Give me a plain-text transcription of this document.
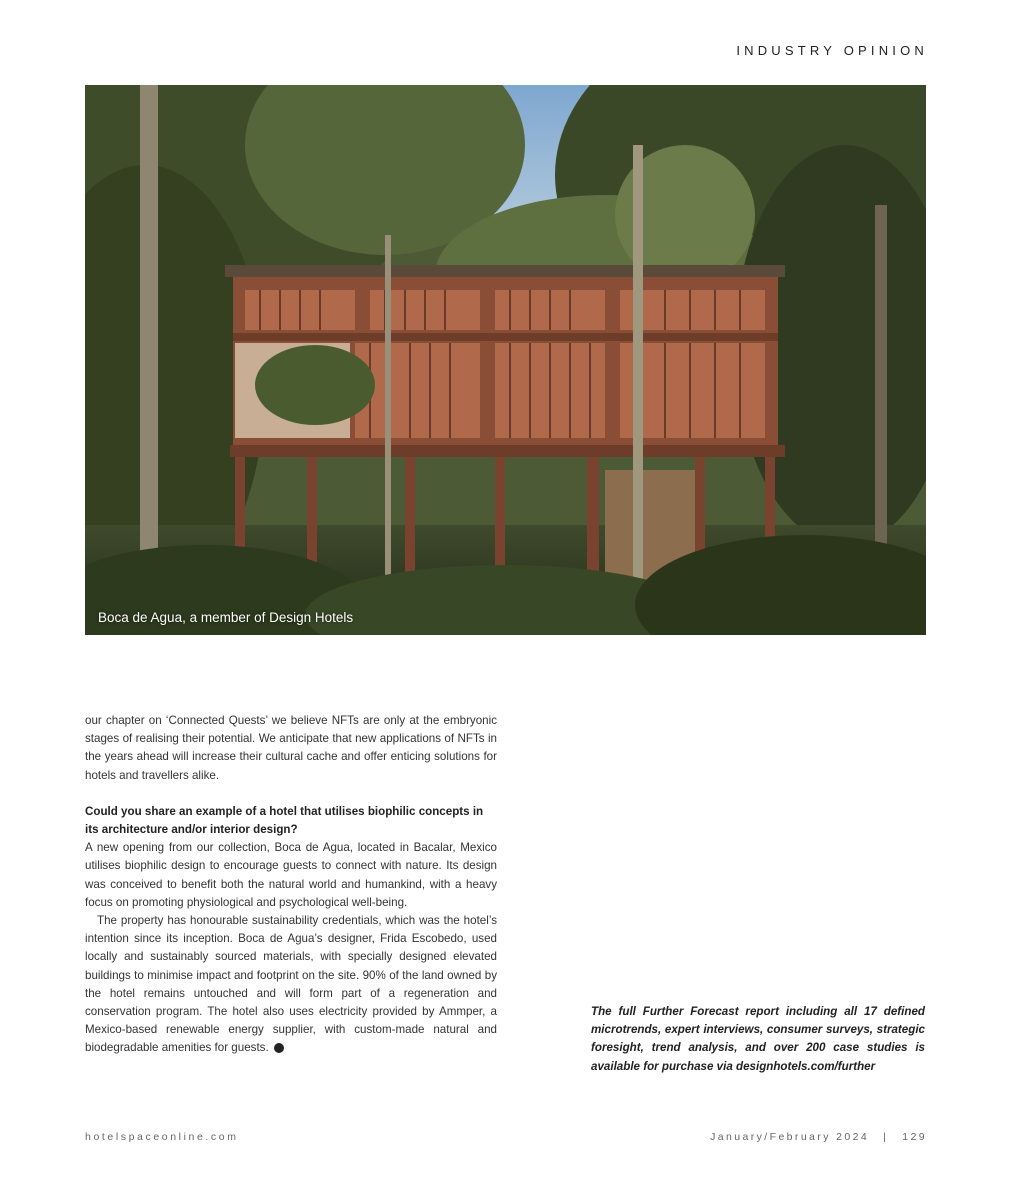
INDUSTRY OPINION
Boca de Agua, a member of Design Hotels

our chapter on ‘Connected Quests’ we believe NFTs are only at the embryonic stages of realising their potential. We anticipate that new applications of NFTs in the years ahead will increase their cultural cache and offer enticing solutions for hotels and travellers alike.

Could you share an example of a hotel that utilises biophilic concepts in its architecture and/or interior design?

A new opening from our collection, Boca de Agua, located in Bacalar, Mexico utilises biophilic design to encourage guests to connect with nature. Its design was conceived to benefit both the natural world and humankind, with a heavy focus on promoting physiological and psychological well-being.

The property has honourable sustainability credentials, which was the hotel’s intention since its inception. Boca de Agua’s designer, Frida Escobedo, used locally and sustainably sourced materials, with specially designed elevated buildings to minimise impact and footprint on the site. 90% of the land owned by the hotel remains untouched and will form part of a regeneration and conservation program. The hotel also uses electricity provided by Ammper, a Mexico-based renewable energy supplier, with custom-made natural and biodegradable amenities for guests. S

The full Further Forecast report including all 17 defined microtrends, expert interviews, consumer surveys, strategic foresight, trend analysis, and over 200 case studies is available for purchase via designhotels.com/further
hotelspaceonline.com	January/February 2024 | 129
